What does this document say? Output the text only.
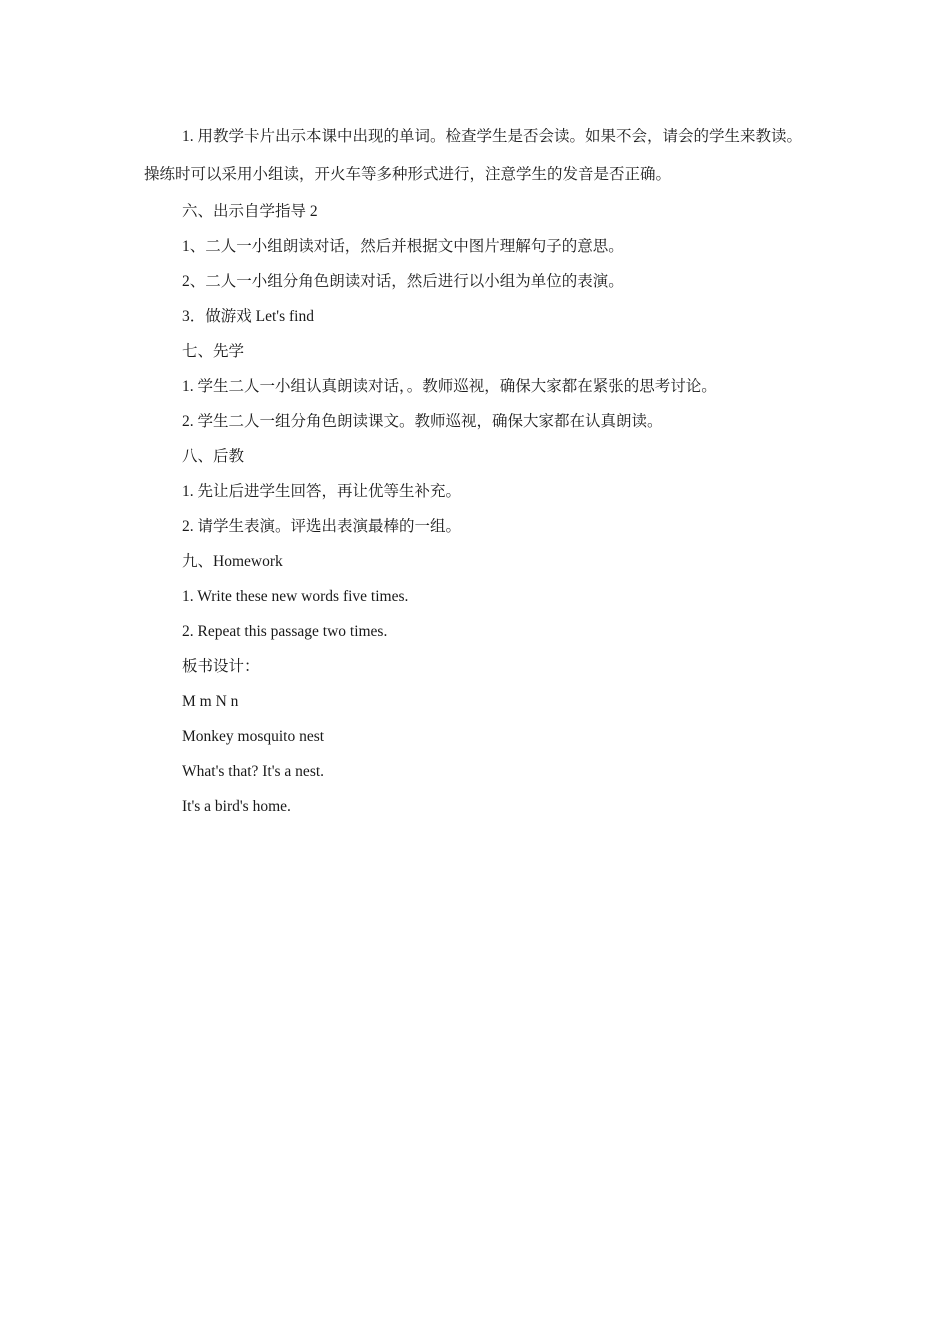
1. 用教学卡片出示本课中出现的单词。检查学生是否会读。如果不会，请会的学生来教读。操练时可以采用小组读，开火车等多种形式进行，注意学生的发音是否正确。

六、出示自学指导 2

1、二人一小组朗读对话，然后并根据文中图片理解句子的意思。

2、二人一小组分角色朗读对话，然后进行以小组为单位的表演。

3．做游戏 Let's find

七、先学

1. 学生二人一小组认真朗读对话，。教师巡视，确保大家都在紧张的思考讨论。

2. 学生二人一组分角色朗读课文。教师巡视，确保大家都在认真朗读。

八、后教

1. 先让后进学生回答，再让优等生补充。

2. 请学生表演。评选出表演最棒的一组。

九、Homework

1. Write these new words five times.

2. Repeat this passage two times.

板书设计：

M m N n

Monkey mosquito nest

What's that? It's a nest.

It's a bird's home.
